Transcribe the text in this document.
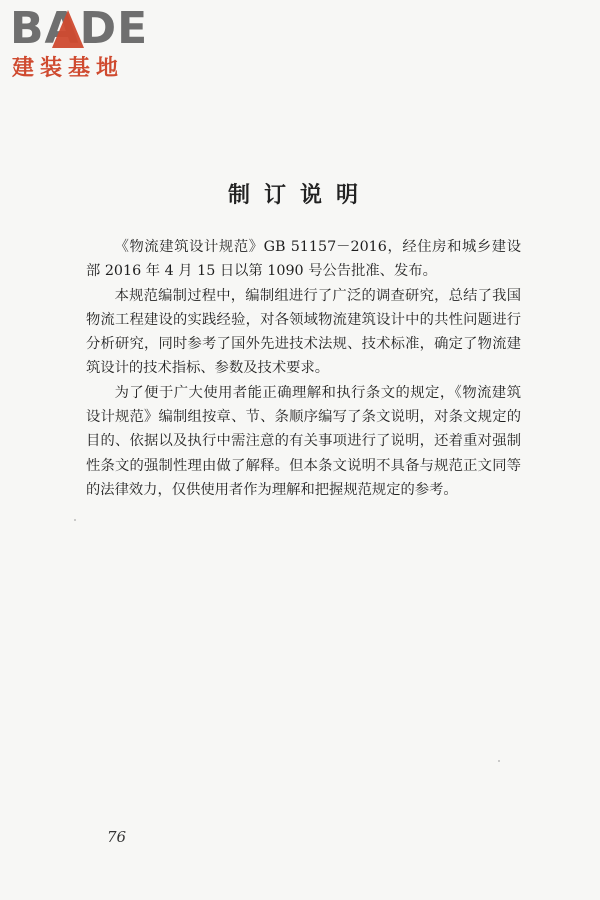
BADE
建装基地
制订说明

《物流建筑设计规范》GB 51157－2016，经住房和城乡建设部 2016 年 4 月 15 日以第 1090 号公告批准、发布。

本规范编制过程中，编制组进行了广泛的调查研究，总结了我国物流工程建设的实践经验，对各领域物流建筑设计中的共性问题进行分析研究，同时参考了国外先进技术法规、技术标准，确定了物流建筑设计的技术指标、参数及技术要求。

为了便于广大使用者能正确理解和执行条文的规定，《物流建筑设计规范》编制组按章、节、条顺序编写了条文说明，对条文规定的目的、依据以及执行中需注意的有关事项进行了说明，还着重对强制性条文的强制性理由做了解释。但本条文说明不具备与规范正文同等的法律效力，仅供使用者作为理解和把握规范规定的参考。

76
